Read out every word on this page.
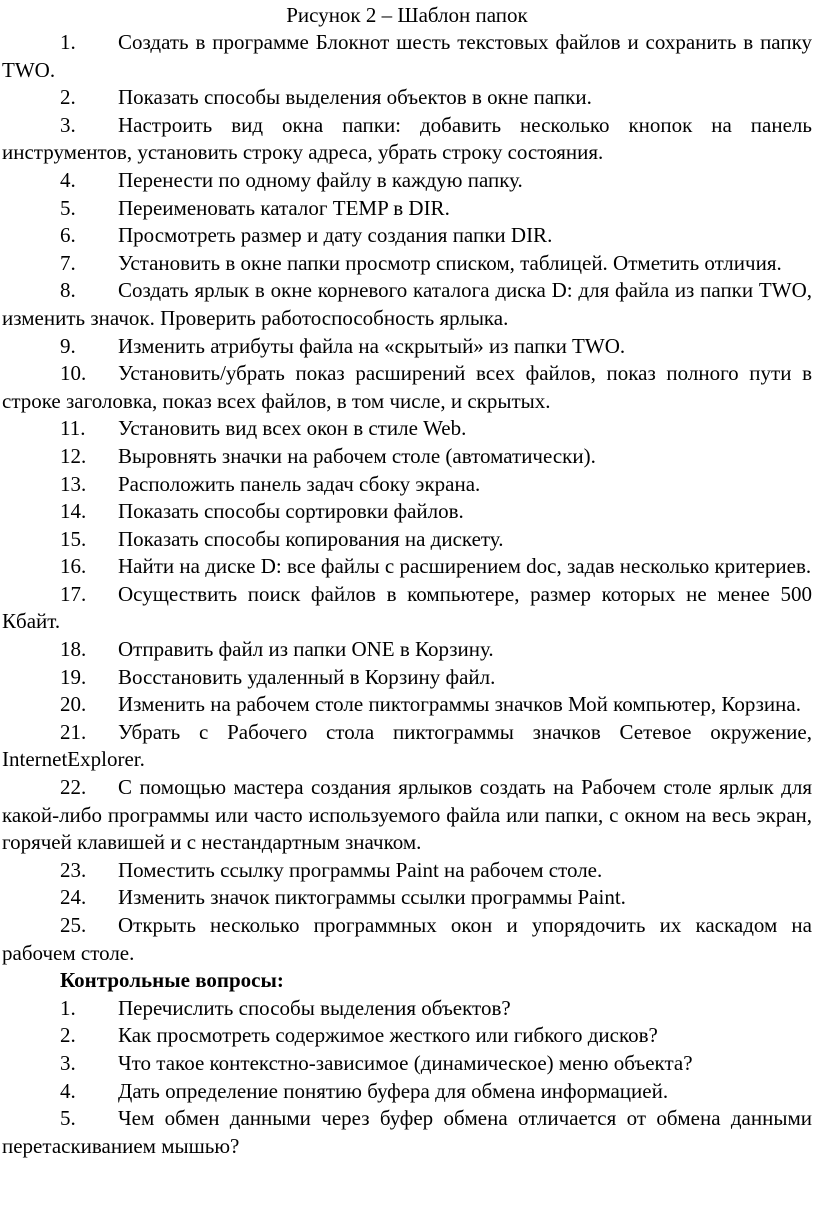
Рисунок 2 – Шаблон папок

1. Создать в программе Блокнот шесть текстовых файлов и сохранить в папку TWO.

2. Показать способы выделения объектов в окне папки.

3. Настроить вид окна папки: добавить несколько кнопок на панель инструментов, установить строку адреса, убрать строку состояния.

4. Перенести по одному файлу в каждую папку.

5. Переименовать каталог TEMP в DIR.

6. Просмотреть размер и дату создания папки DIR.

7. Установить в окне папки просмотр списком, таблицей. Отметить отличия.

8. Создать ярлык в окне корневого каталога диска D: для файла из папки TWO, изменить значок. Проверить работоспособность ярлыка.

9. Изменить атрибуты файла на «скрытый» из папки TWO.

10. Установить/убрать показ расширений всех файлов, показ полного пути в строке заголовка, показ всех файлов, в том числе, и скрытых.

11. Установить вид всех окон в стиле Web.

12. Выровнять значки на рабочем столе (автоматически).

13. Расположить панель задач сбоку экрана.

14. Показать способы сортировки файлов.

15. Показать способы копирования на дискету.

16. Найти на диске D: все файлы с расширением doc, задав несколько критериев.

17. Осуществить поиск файлов в компьютере, размер которых не менее 500 Кбайт.

18. Отправить файл из папки ONE в Корзину.

19. Восстановить удаленный в Корзину файл.

20. Изменить на рабочем столе пиктограммы значков Мой компьютер, Корзина.

21. Убрать с Рабочего стола пиктограммы значков Сетевое окружение, InternetExplorer.

22. С помощью мастера создания ярлыков создать на Рабочем столе ярлык для какой-либо программы или часто используемого файла или папки, с окном на весь экран, горячей клавишей и с нестандартным значком.

23. Поместить ссылку программы Paint на рабочем столе.

24. Изменить значок пиктограммы ссылки программы Paint.

25. Открыть несколько программных окон и упорядочить их каскадом на рабочем столе.

Контрольные вопросы:

1. Перечислить способы выделения объектов?

2. Как просмотреть содержимое жесткого или гибкого дисков?

3. Что такое контекстно-зависимое (динамическое) меню объекта?

4. Дать определение понятию буфера для обмена информацией.

5. Чем обмен данными через буфер обмена отличается от обмена данными перетаскиванием мышью?
